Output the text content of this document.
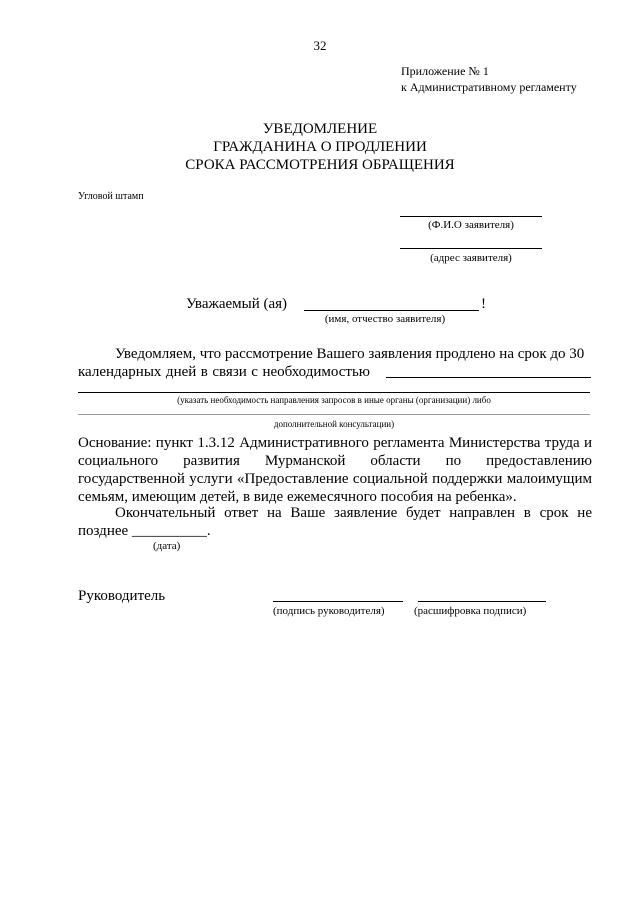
32
Приложение № 1
к Административному регламенту
УВЕДОМЛЕНИЕ
ГРАЖДАНИНА О ПРОДЛЕНИИ
СРОКА РАССМОТРЕНИЯ ОБРАЩЕНИЯ
Угловой штамп
(Ф.И.О заявителя)
(адрес заявителя)
Уважаемый (ая)	!
(имя, отчество заявителя)
Уведомляем, что рассмотрение Вашего заявления продлено на срок до 30
календарных дней в связи с необходимостью
(указать необходимость направления запросов в иные органы (организации) либо
дополнительной консультации)
Основание: пункт 1.3.12 Административного регламента Министерства труда и
социального развития Мурманской области по предоставлению
государственной услуги «Предоставление социальной поддержки малоимущим
семьям, имеющим детей, в виде ежемесячного пособия на ребенка».
Окончательный ответ на Ваше заявление будет направлен в срок не
позднее __________.
(дата)
Руководитель
(подпись руководителя)	(расшифровка подписи)
